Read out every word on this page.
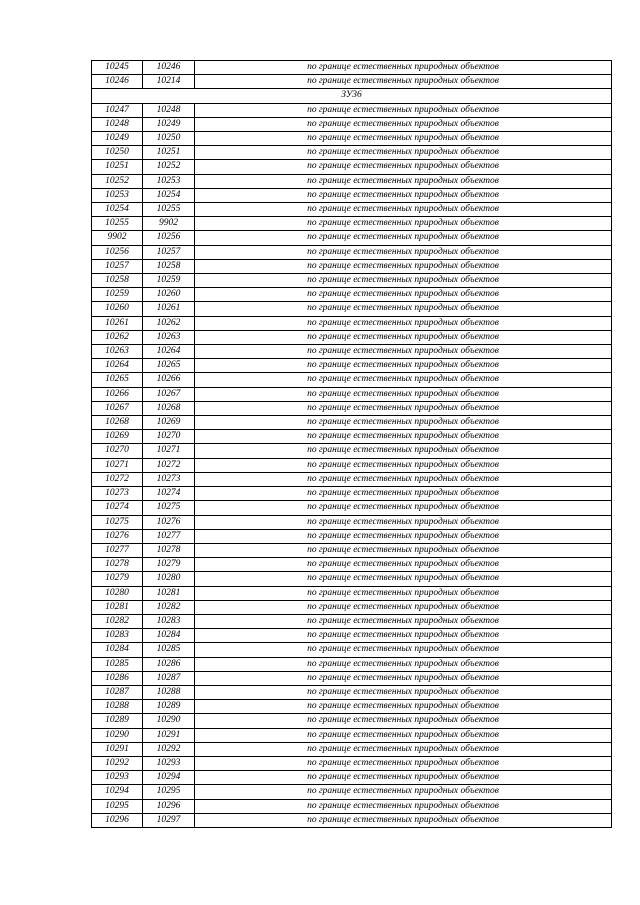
10245	10246	по границе естественных природных объектов
10246	10214	по границе естественных природных объектов
ЗУ36		
10247	10248	по границе естественных природных объектов
10248	10249	по границе естественных природных объектов
10249	10250	по границе естественных природных объектов
10250	10251	по границе естественных природных объектов
10251	10252	по границе естественных природных объектов
10252	10253	по границе естественных природных объектов
10253	10254	по границе естественных природных объектов
10254	10255	по границе естественных природных объектов
10255	9902	по границе естественных природных объектов
9902	10256	по границе естественных природных объектов
10256	10257	по границе естественных природных объектов
10257	10258	по границе естественных природных объектов
10258	10259	по границе естественных природных объектов
10259	10260	по границе естественных природных объектов
10260	10261	по границе естественных природных объектов
10261	10262	по границе естественных природных объектов
10262	10263	по границе естественных природных объектов
10263	10264	по границе естественных природных объектов
10264	10265	по границе естественных природных объектов
10265	10266	по границе естественных природных объектов
10266	10267	по границе естественных природных объектов
10267	10268	по границе естественных природных объектов
10268	10269	по границе естественных природных объектов
10269	10270	по границе естественных природных объектов
10270	10271	по границе естественных природных объектов
10271	10272	по границе естественных природных объектов
10272	10273	по границе естественных природных объектов
10273	10274	по границе естественных природных объектов
10274	10275	по границе естественных природных объектов
10275	10276	по границе естественных природных объектов
10276	10277	по границе естественных природных объектов
10277	10278	по границе естественных природных объектов
10278	10279	по границе естественных природных объектов
10279	10280	по границе естественных природных объектов
10280	10281	по границе естественных природных объектов
10281	10282	по границе естественных природных объектов
10282	10283	по границе естественных природных объектов
10283	10284	по границе естественных природных объектов
10284	10285	по границе естественных природных объектов
10285	10286	по границе естественных природных объектов
10286	10287	по границе естественных природных объектов
10287	10288	по границе естественных природных объектов
10288	10289	по границе естественных природных объектов
10289	10290	по границе естественных природных объектов
10290	10291	по границе естественных природных объектов
10291	10292	по границе естественных природных объектов
10292	10293	по границе естественных природных объектов
10293	10294	по границе естественных природных объектов
10294	10295	по границе естественных природных объектов
10295	10296	по границе естественных природных объектов
10296	10297	по границе естественных природных объектов
